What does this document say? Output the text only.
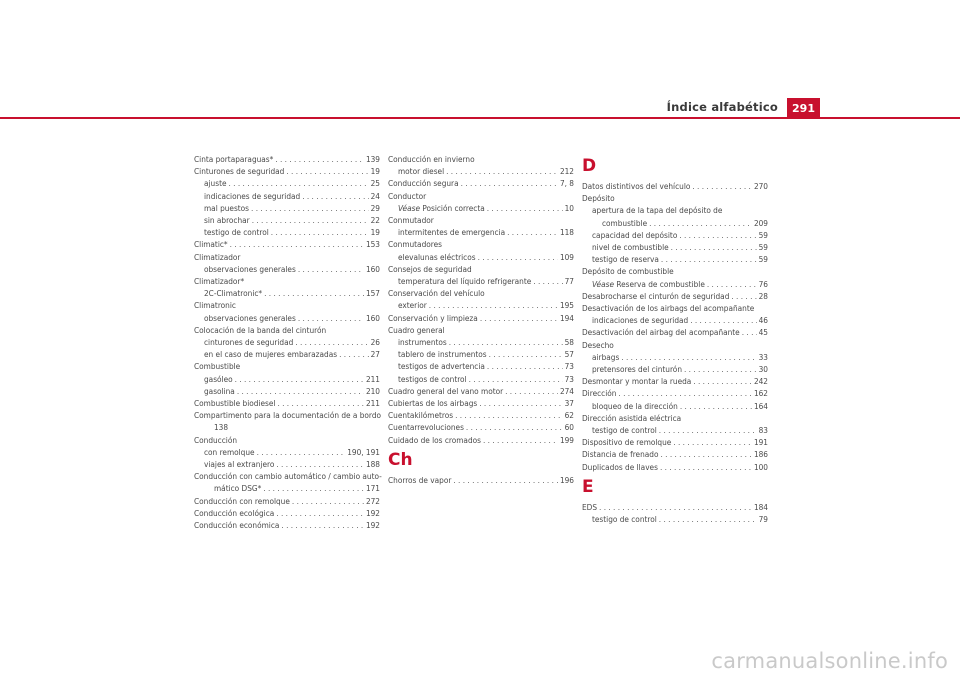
Índice alfabético	291
Cinta portaparaguas* . . .	139
Cinturones de seguridad . . .	19
ajuste . . .	25
indicaciones de seguridad . . .	24
mal puestos . . .	29
sin abrochar . . .	22
testigo de control . . .	19
Climatic* . . .	153
Climatizador
observaciones generales . . .	160
Climatizador*
2C-Climatronic* . . .	157
Climatronic
observaciones generales . . .	160
Colocación de la banda del cinturón
cinturones de seguridad . . .	26
en el caso de mujeres embarazadas . . .	27
Combustible
gasóleo . . .	211
gasolina . . .	210
Combustible biodiesel . . .	211
Compartimento para la documentación de a bordo
138
Conducción
con remolque . . .	190, 191
viajes al extranjero . . .	188
Conducción con cambio automático / cambio auto-
mático DSG* . . .	171
Conducción con remolque . . .	272
Conducción ecológica . . .	192
Conducción económica . . .	192
Conducción en invierno
motor diesel . . .	212
Conducción segura . . .	7, 8
Conductor
Véase Posición correcta . . .	10
Conmutador
intermitentes de emergencia . . .	118
Conmutadores
elevalunas eléctricos . . .	109
Consejos de seguridad
temperatura del líquido refrigerante . . .	77
Conservación del vehículo
exterior . . .	195
Conservación y limpieza . . .	194
Cuadro general
instrumentos . . .	58
tablero de instrumentos . . .	57
testigos de advertencia . . .	73
testigos de control . . .	73
Cuadro general del vano motor . . .	274
Cubiertas de los airbags . . .	37
Cuentakilómetros . . .	62
Cuentarrevoluciones . . .	60
Cuidado de los cromados . . .	199
Ch
Chorros de vapor . . .	196
D
Datos distintivos del vehículo . . .	270
Depósito
apertura de la tapa del depósito de
combustible . . .	209
capacidad del depósito . . .	59
nivel de combustible . . .	59
testigo de reserva . . .	59
Depósito de combustible
Véase Reserva de combustible . . .	76
Desabrocharse el cinturón de seguridad . . .	28
Desactivación de los airbags del acompañante
indicaciones de seguridad . . .	46
Desactivación del airbag del acompañante . . . 45
Desecho
airbags . . .	33
pretensores del cinturón . . .	30
Desmontar y montar la rueda . . .	242
Dirección . . .	162
bloqueo de la dirección . . .	164
Dirección asistida eléctrica
testigo de control . . .	83
Dispositivo de remolque . . .	191
Distancia de frenado . . .	186
Duplicados de llaves . . .	100
E
EDS . . .	184
testigo de control . . .	79
carmanualsonline.info
